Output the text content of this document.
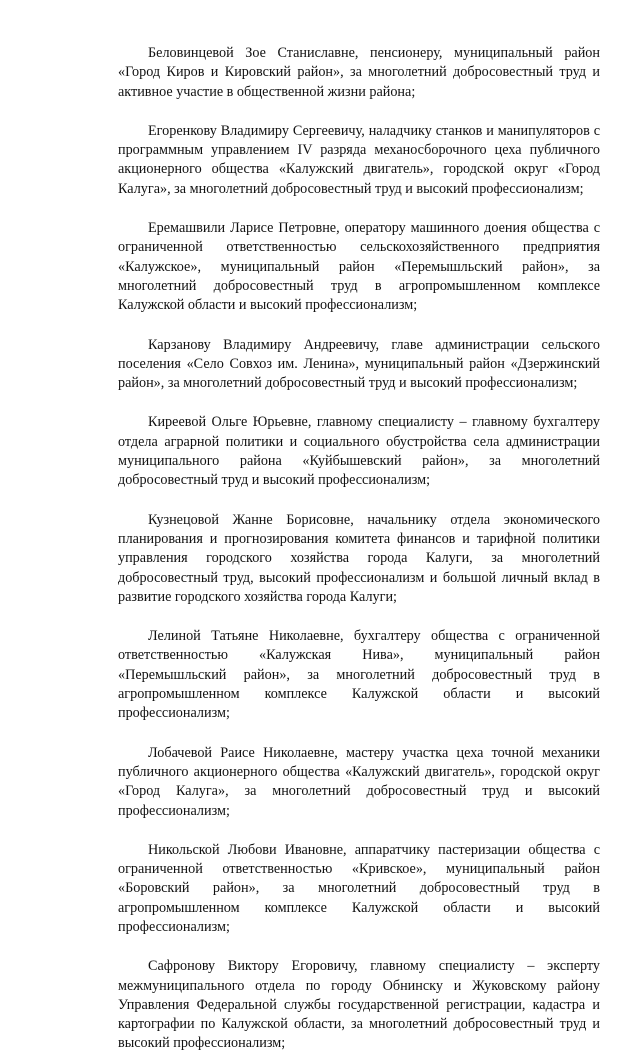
Беловинцевой Зое Станиславне, пенсионеру, муниципальный район «Город Киров и Кировский район», за многолетний добросовестный труд и активное участие в общественной жизни района;

Егоренкову Владимиру Сергеевичу, наладчику станков и манипуляторов с программным управлением IV разряда механосборочного цеха публичного акционерного общества «Калужский двигатель», городской округ «Город Калуга», за многолетний добросовестный труд и высокий профессионализм;

Еремашвили Ларисе Петровне, оператору машинного доения общества с ограниченной ответственностью сельскохозяйственного предприятия «Калужское», муниципальный район «Перемышльский район», за многолетний добросовестный труд в агропромышленном комплексе Калужской области и высокий профессионализм;

Карзанову Владимиру Андреевичу, главе администрации сельского поселения «Село Совхоз им. Ленина», муниципальный район «Дзержинский район», за многолетний добросовестный труд и высокий профессионализм;

Киреевой Ольге Юрьевне, главному специалисту – главному бухгалтеру отдела аграрной политики и социального обустройства села администрации муниципального района «Куйбышевский район», за многолетний добросовестный труд и высокий профессионализм;

Кузнецовой Жанне Борисовне, начальнику отдела экономического планирования и прогнозирования комитета финансов и тарифной политики управления городского хозяйства города Калуги, за многолетний добросовестный труд, высокий профессионализм и большой личный вклад в развитие городского хозяйства города Калуги;

Лелиной Татьяне Николаевне, бухгалтеру общества с ограниченной ответственностью «Калужская Нива», муниципальный район «Перемышльский район», за многолетний добросовестный труд в агропромышленном комплексе Калужской области и высокий профессионализм;

Лобачевой Раисе Николаевне, мастеру участка цеха точной механики публичного акционерного общества «Калужский двигатель», городской округ «Город Калуга», за многолетний добросовестный труд и высокий профессионализм;

Никольской Любови Ивановне, аппаратчику пастеризации общества с ограниченной ответственностью «Кривское», муниципальный район «Боровский район», за многолетний добросовестный труд в агропромышленном комплексе Калужской области и высокий профессионализм;

Сафронову Виктору Егоровичу, главному специалисту – эксперту межмуниципального отдела по городу Обнинску и Жуковскому району Управления Федеральной службы государственной регистрации, кадастра и картографии по Калужской области, за многолетний добросовестный труд и высокий профессионализм;
